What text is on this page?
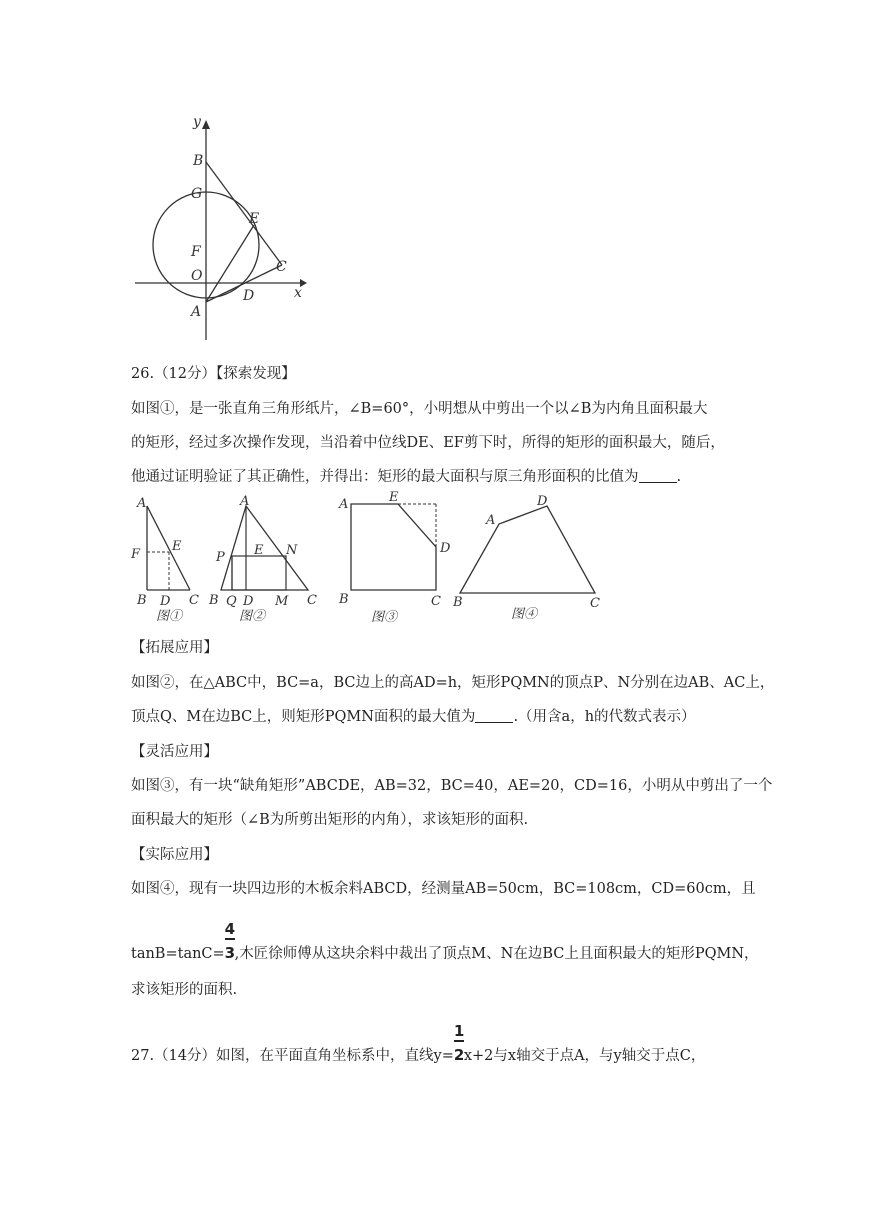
y
x
B
G
E
F
O
C
D
A
26.（12分）【探索发现】
如图①，是一张直角三角形纸片，∠B=60°，小明想从中剪出一个以∠B为内角且面积最大
的矩形，经过多次操作发现，当沿着中位线DE、EF剪下时，所得的矩形的面积最大，随后，
他通过证明验证了其正确性，并得出：矩形的最大面积与原三角形面积的比值为	.
A
F
E
B D C
图①
A
P E N
B Q D M C
图②
A	E
D
B	C
图③
A
D
B	C
图④
【拓展应用】
如图②，在△ABC中，BC=a，BC边上的高AD=h，矩形PQMN的顶点P、N分别在边AB、AC上，
顶点Q、M在边BC上，则矩形PQMN面积的最大值为	.（用含a，h的代数式表示）
【灵活应用】
如图③，有一块“缺角矩形”ABCDE，AB=32，BC=40，AE=20，CD=16，小明从中剪出了一个
面积最大的矩形（∠B为所剪出矩形的内角），求该矩形的面积.
【实际应用】
如图④，现有一块四边形的木板余料ABCD，经测量AB=50cm，BC=108cm，CD=60cm，且
$\tan B=\tan C= \frac{4}{3}$,木匠徐师傅从这块余料中裁出了顶点M、N在边BC上且面积最大的矩形PQMN，
求该矩形的面积.
27.（14分）如图，在平面直角坐标系中，直线$y= \frac{1}{2}x+2$与x轴交于点A，与y轴交于点C，
